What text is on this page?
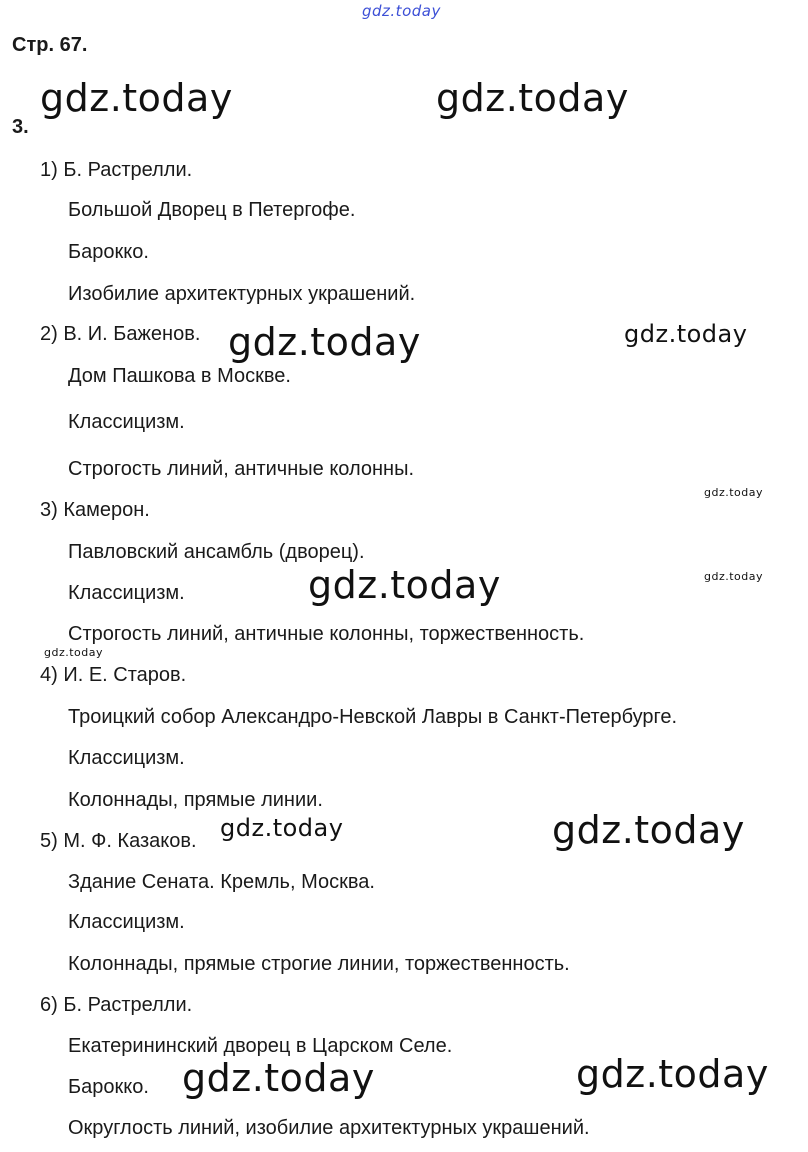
gdz.today
Стр. 67.
3.
1) Б. Растрелли.
Большой Дворец в Петергофе.
Барокко.
Изобилие архитектурных украшений.
2) В. И. Баженов.
Дом Пашкова в Москве.
Классицизм.
Строгость линий, античные колонны.
3) Камерон.
Павловский ансамбль (дворец).
Классицизм.
Строгость линий, античные колонны, торжественность.
4) И. Е. Старов.
Троицкий собор Александро-Невской Лавры в Санкт-Петербурге.
Классицизм.
Колоннады, прямые линии.
5) М. Ф. Казаков.
Здание Сената. Кремль, Москва.
Классицизм.
Колоннады, прямые строгие линии, торжественность.
6) Б. Растрелли.
Екатерининский дворец в Царском Селе.
Барокко.
Округлость линий, изобилие архитектурных украшений.
gdz.today	gdz.today
gdz.today	gdz.today
gdz.today
gdz.today	gdz.today
gdz.today
gdz.today	gdz.today
gdz.today	gdz.today
